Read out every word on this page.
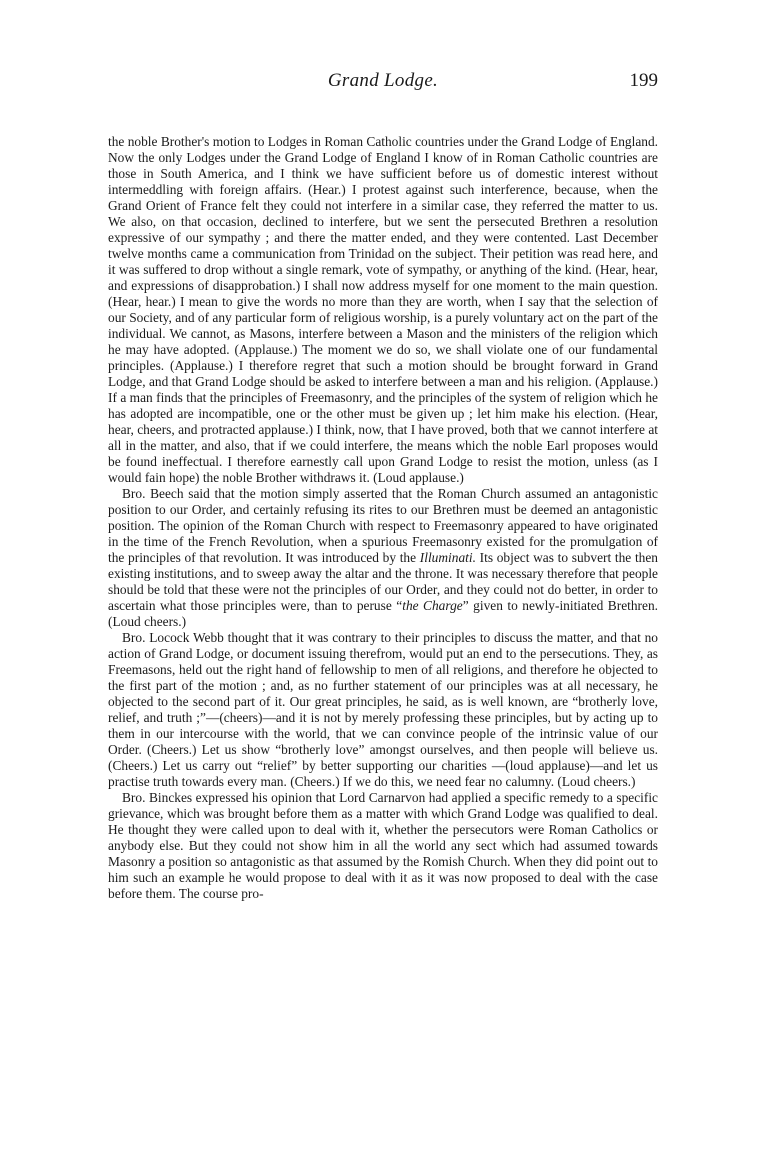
Grand Lodge.	199

the noble Brother's motion to Lodges in Roman Catholic countries under the Grand Lodge of England. Now the only Lodges under the Grand Lodge of England I know of in Roman Catholic countries are those in South America, and I think we have sufficient before us of domestic interest without intermeddling with foreign affairs. (Hear.) I protest against such interference, because, when the Grand Orient of France felt they could not interfere in a similar case, they referred the matter to us. We also, on that occasion, declined to interfere, but we sent the persecuted Brethren a resolution expressive of our sympathy ; and there the matter ended, and they were contented. Last December twelve months came a communication from Trinidad on the subject. Their petition was read here, and it was suffered to drop without a single remark, vote of sympathy, or anything of the kind. (Hear, hear, and expressions of disapprobation.) I shall now address myself for one moment to the main question. (Hear, hear.) I mean to give the words no more than they are worth, when I say that the selection of our Society, and of any particular form of religious worship, is a purely voluntary act on the part of the individual. We cannot, as Masons, interfere between a Mason and the ministers of the religion which he may have adopted. (Applause.) The moment we do so, we shall violate one of our fundamental principles. (Applause.) I therefore regret that such a motion should be brought forward in Grand Lodge, and that Grand Lodge should be asked to interfere between a man and his religion. (Applause.) If a man finds that the principles of Freemasonry, and the principles of the system of religion which he has adopted are incompatible, one or the other must be given up ; let him make his election. (Hear, hear, cheers, and protracted applause.) I think, now, that I have proved, both that we cannot interfere at all in the matter, and also, that if we could interfere, the means which the noble Earl proposes would be found ineffectual. I therefore earnestly call upon Grand Lodge to resist the motion, unless (as I would fain hope) the noble Brother withdraws it. (Loud applause.)

Bro. Beech said that the motion simply asserted that the Roman Church assumed an antagonistic position to our Order, and certainly refusing its rites to our Brethren must be deemed an antagonistic position. The opinion of the Roman Church with respect to Freemasonry appeared to have originated in the time of the French Revolution, when a spurious Freemasonry existed for the promulgation of the principles of that revolution. It was introduced by the Illuminati. Its object was to subvert the then existing institutions, and to sweep away the altar and the throne. It was necessary therefore that people should be told that these were not the principles of our Order, and they could not do better, in order to ascertain what those principles were, than to peruse “the Charge” given to newly-initiated Brethren. (Loud cheers.)

Bro. Locock Webb thought that it was contrary to their principles to discuss the matter, and that no action of Grand Lodge, or document issuing therefrom, would put an end to the persecutions. They, as Freemasons, held out the right hand of fellowship to men of all religions, and therefore he objected to the first part of the motion ; and, as no further statement of our principles was at all necessary, he objected to the second part of it. Our great principles, he said, as is well known, are “brotherly love, relief, and truth ;”—(cheers)—and it is not by merely professing these principles, but by acting up to them in our intercourse with the world, that we can convince people of the intrinsic value of our Order. (Cheers.) Let us show “brotherly love” amongst ourselves, and then people will believe us. (Cheers.) Let us carry out “relief” by better supporting our charities —(loud applause)—and let us practise truth towards every man. (Cheers.) If we do this, we need fear no calumny. (Loud cheers.)

Bro. Binckes expressed his opinion that Lord Carnarvon had applied a specific remedy to a specific grievance, which was brought before them as a matter with which Grand Lodge was qualified to deal. He thought they were called upon to deal with it, whether the persecutors were Roman Catholics or anybody else. But they could not show him in all the world any sect which had assumed towards Masonry a position so antagonistic as that assumed by the Romish Church. When they did point out to him such an example he would propose to deal with it as it was now proposed to deal with the case before them. The course pro-
